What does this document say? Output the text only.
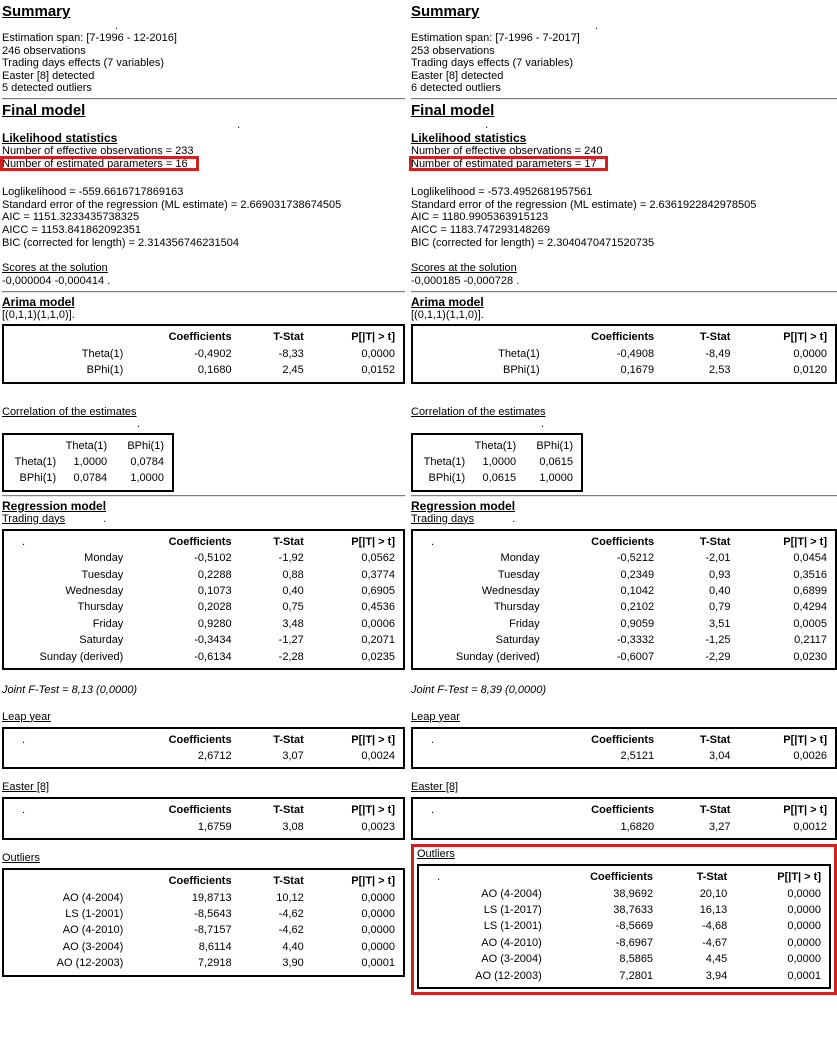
Summary
.
Estimation span: [7-1996 - 12-2016]
246 observations
Trading days effects (7 variables)
Easter [8] detected
5 detected outliers
Final model
.
Likelihood statistics
Number of effective observations = 233
Number of estimated parameters = 16
Loglikelihood = -559.6616717869163
Standard error of the regression (ML estimate) = 2.669031738674505
AIC = 1151.3233435738325
AICC = 1153.841862092351
BIC (corrected for length) = 2.314356746231504
Scores at the solution
-0,000004 -0,000414 .
Arima model
[(0,1,1)(1,1,0)].
	Coefficients	T-Stat	P[|T| > t]
Theta(1)	-0,4902	-8,33	0,0000
BPhi(1)	0,1680	2,45	0,0152
Correlation of the estimates
.
	Theta(1)	BPhi(1)
Theta(1)	1,0000	0,0784
BPhi(1)	0,0784	1,0000
Regression model
Trading days	.
.	Coefficients	T-Stat	P[|T| > t]
Monday	-0,5102	-1,92	0,0562
Tuesday	0,2288	0,88	0,3774
Wednesday	0,1073	0,40	0,6905
Thursday	0,2028	0,75	0,4536
Friday	0,9280	3,48	0,0006
Saturday	-0,3434	-1,27	0,2071
Sunday (derived)	-0,6134	-2,28	0,0235
Joint F-Test = 8,13 (0,0000)
Leap year
.	Coefficients	T-Stat	P[|T| > t]
	2,6712	3,07	0,0024
Easter [8]
.	Coefficients	T-Stat	P[|T| > t]
	1,6759	3,08	0,0023
Outliers
	Coefficients	T-Stat	P[|T| > t]
AO (4-2004)	19,8713	10,12	0,0000
LS (1-2001)	-8,5643	-4,62	0,0000
AO (4-2010)	-8,7157	-4,62	0,0000
AO (3-2004)	8,6114	4,40	0,0000
AO (12-2003)	7,2918	3,90	0,0001
Summary
.
Estimation span: [7-1996 - 7-2017]
253 observations
Trading days effects (7 variables)
Easter [8] detected
6 detected outliers
Final model
.
Likelihood statistics
Number of effective observations = 240
Number of estimated parameters = 17
Loglikelihood = -573.4952681957561
Standard error of the regression (ML estimate) = 2.6361922842978505
AIC = 1180.9905363915123
AICC = 1183.747293148269
BIC (corrected for length) = 2.3040470471520735
Scores at the solution
-0,000185 -0,000728 .
Arima model
[(0,1,1)(1,1,0)].
	Coefficients	T-Stat	P[|T| > t]
Theta(1)	-0,4908	-8,49	0,0000
BPhi(1)	0,1679	2,53	0,0120
Correlation of the estimates
.
	Theta(1)	BPhi(1)
Theta(1)	1,0000	0,0615
BPhi(1)	0,0615	1,0000
Regression model
Trading days	.
.	Coefficients	T-Stat	P[|T| > t]
Monday	-0,5212	-2,01	0,0454
Tuesday	0,2349	0,93	0,3516
Wednesday	0,1042	0,40	0,6899
Thursday	0,2102	0,79	0,4294
Friday	0,9059	3,51	0,0005
Saturday	-0,3332	-1,25	0,2117
Sunday (derived)	-0,6007	-2,29	0,0230
Joint F-Test = 8,39 (0,0000)
Leap year
.	Coefficients	T-Stat	P[|T| > t]
	2,5121	3,04	0,0026
Easter [8]
.	Coefficients	T-Stat	P[|T| > t]
	1,6820	3,27	0,0012
Outliers
.	Coefficients	T-Stat	P[|T| > t]
AO (4-2004)	38,9692	20,10	0,0000
LS (1-2017)	38,7633	16,13	0,0000
LS (1-2001)	-8,5669	-4,68	0,0000
AO (4-2010)	-8,6967	-4,67	0,0000
AO (3-2004)	8,5865	4,45	0,0000
AO (12-2003)	7,2801	3,94	0,0001
